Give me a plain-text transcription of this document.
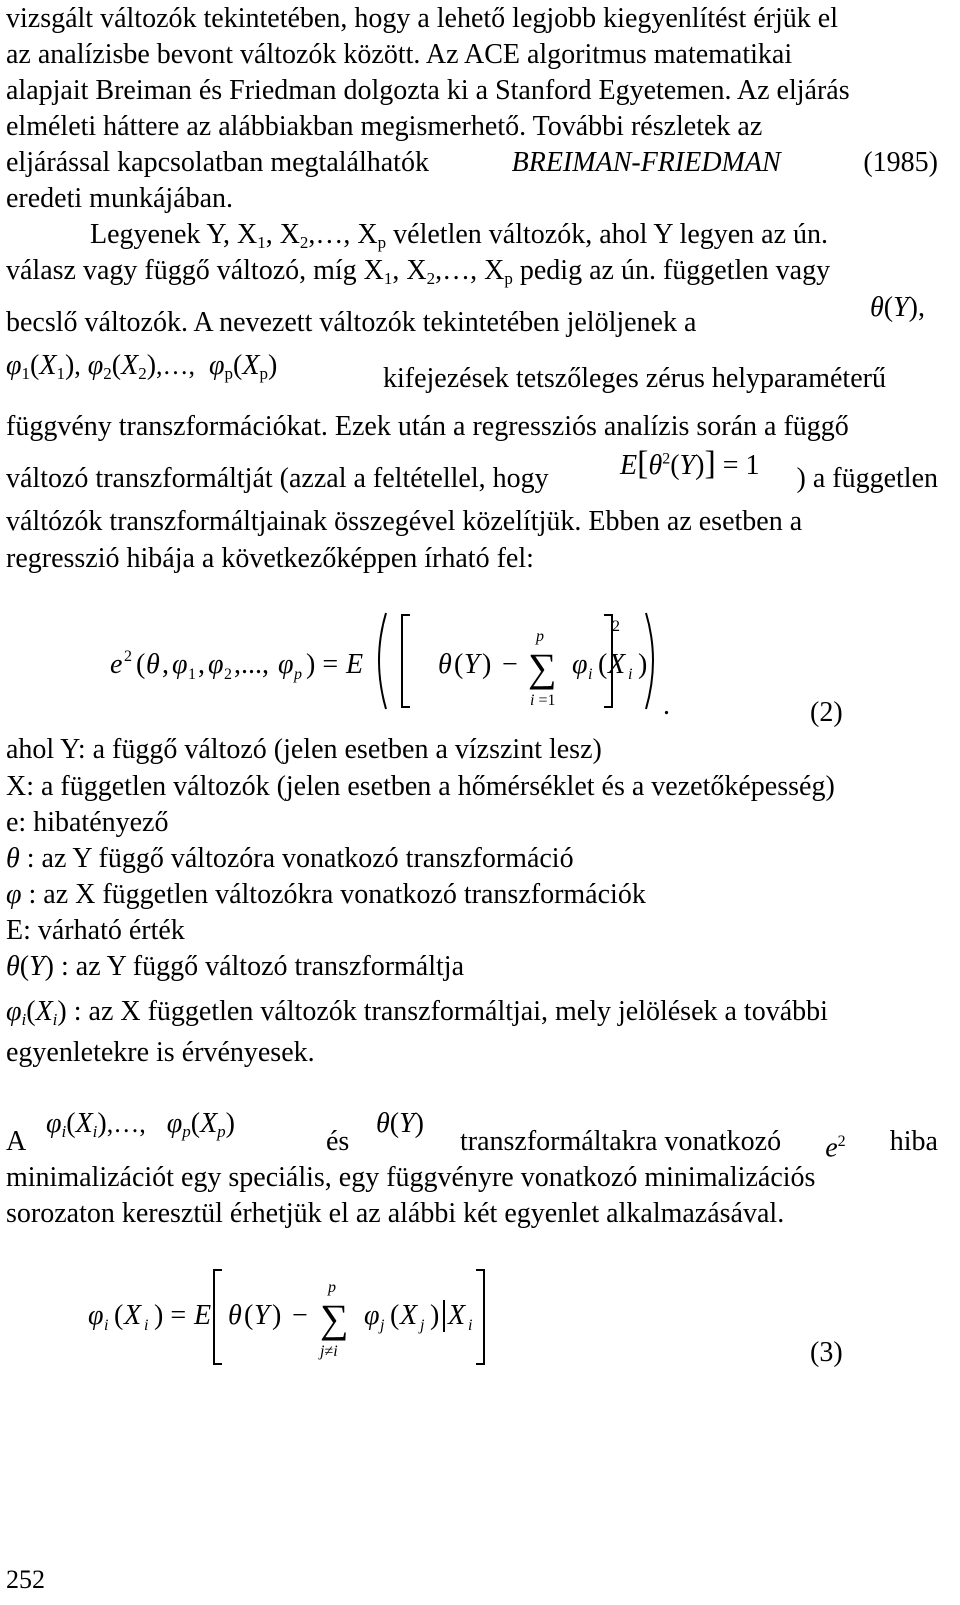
vizsgált változók tekintetében, hogy a lehető legjobb kiegyenlítést érjük el
az analízisbe bevont változók között. Az ACE algoritmus matematikai
alapjait Breiman és Friedman dolgozta ki a Stanford Egyetemen. Az eljárás
elméleti háttere az alábbiakban megismerhető. További részletek az
eljárással kapcsolatban megtalálhatók	BREIMAN-FRIEDMAN	(1985)
eredeti munkájában.
Legyenek Y, $X_1$, $X_2,\dots$, $X_p$ véletlen változók, ahol Y legyen az ún.
válasz vagy függő változó, míg $X_1$, $X_2,\dots$, $X_p$ pedig az ún. független vagy
becslő változók. A nevezett változók tekintetében jelöljenek a	θ(Y),
$\varphi_1(X_1)$, $\varphi_2(X_2),\dots$, $\varphi_p(X_p)$	kifejezések tetszőleges zérus helyparaméterű
függvény transzformációkat. Ezek után a regressziós analízis során a függő
változó transzformáltját (azzal a feltétellel, hogy	$E[\theta^2(Y)] = 1$	) a független
váltózók transzformáltjainak összegével közelítjük. Ebben az esetben a
regresszió hibája a következőképpen írható fel:
e 2 ( θ , φ 1 , φ 2 ,..., φ p ) = E	θ ( Y ) − ∑
p
i =1
φ i ( X i )
2
.	(2)
ahol Y: a függő változó (jelen esetben a vízszint lesz)
X: a független változók (jelen esetben a hőmérséklet és a vezetőképesség)
e: hibatényező
θ : az Y függő változóra vonatkozó transzformáció
φ : az X független változókra vonatkozó transzformációk
E: várható érték
θ(Y) : az Y függő változó transzformáltja
$\varphi_i(X_i)$ : az X független változók transzformáltjai, mely jelölések a további
egyenletekre is érvényesek.
A
$\varphi_i(X_i),\dots$, $\varphi_p(X_p)$
és
θ(Y)
transzformáltakra vonatkozó $e^2$ hiba
minimalizációt egy speciális, egy függvényre vonatkozó minimalizációs
sorozaton keresztül érhetjük el az alábbi két egyenlet alkalmazásával.
φ i ( X i ) = E θ ( Y ) − ∑
p
j≠i
φ j ( X j ) X i
(3)
252
